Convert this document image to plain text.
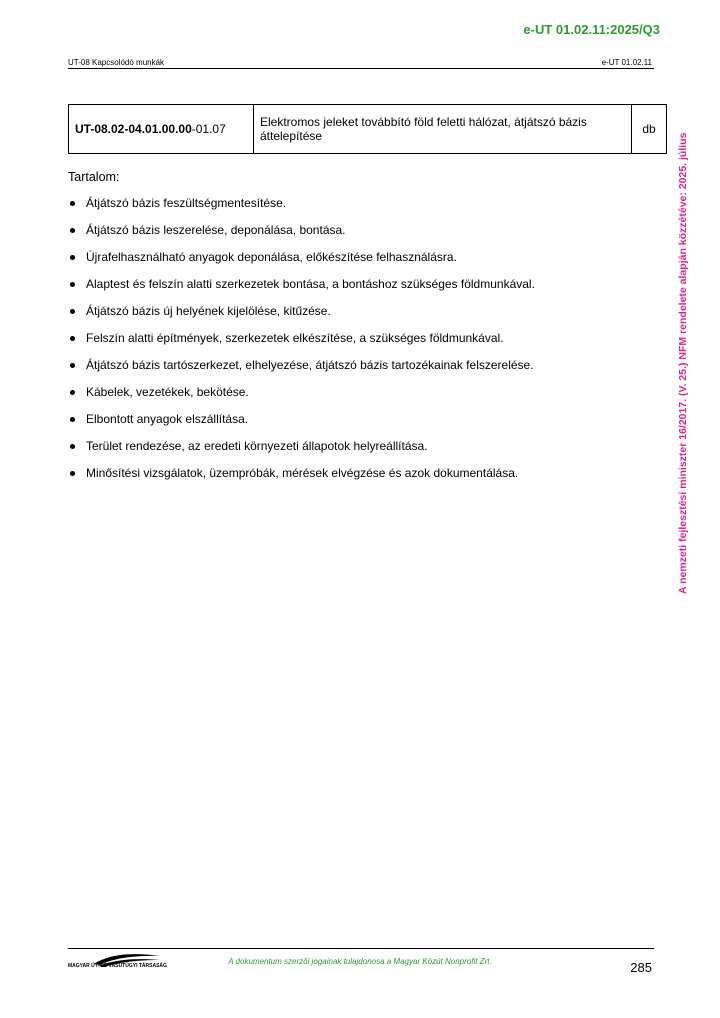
e-UT 01.02.11:2025/Q3
UT-08 Kapcsolódó munkák	e-UT 01.02.11
UT-08.02-04.01.00.00-01.07	Elektromos jeleket továbbító föld feletti hálózat, átjátszó bázis áttelepítése	db
Tartalom:
Átjátszó bázis feszültségmentesítése.
Átjátszó bázis leszerelése, deponálása, bontása.
Újrafelhasználható anyagok deponálása, előkészítése felhasználásra.
Alaptest és felszín alatti szerkezetek bontása, a bontáshoz szükséges földmunkával.
Átjátszó bázis új helyének kijelölése, kitűzése.
Felszín alatti építmények, szerkezetek elkészítése, a szükséges földmunkával.
Átjátszó bázis tartószerkezet, elhelyezése, átjátszó bázis tartozékainak felszerelése.
Kábelek, vezetékek, bekötése.
Elbontott anyagok elszállítása.
Terület rendezése, az eredeti környezeti állapotok helyreállítása.
Minősítési vizsgálatok, üzempróbák, mérések elvégzése és azok dokumentálása.	A nemzeti fejlesztési miniszter 16/2017. (V. 25.) NFM rendelete alapján közzétéve: 2025. július
MAGYAR ÚT- ÉS VASÚTÜGYI TÁRSASÁG	A dokumentum szerzői jogainak tulajdonosa a Magyar Közút Nonprofit Zrt.	285
